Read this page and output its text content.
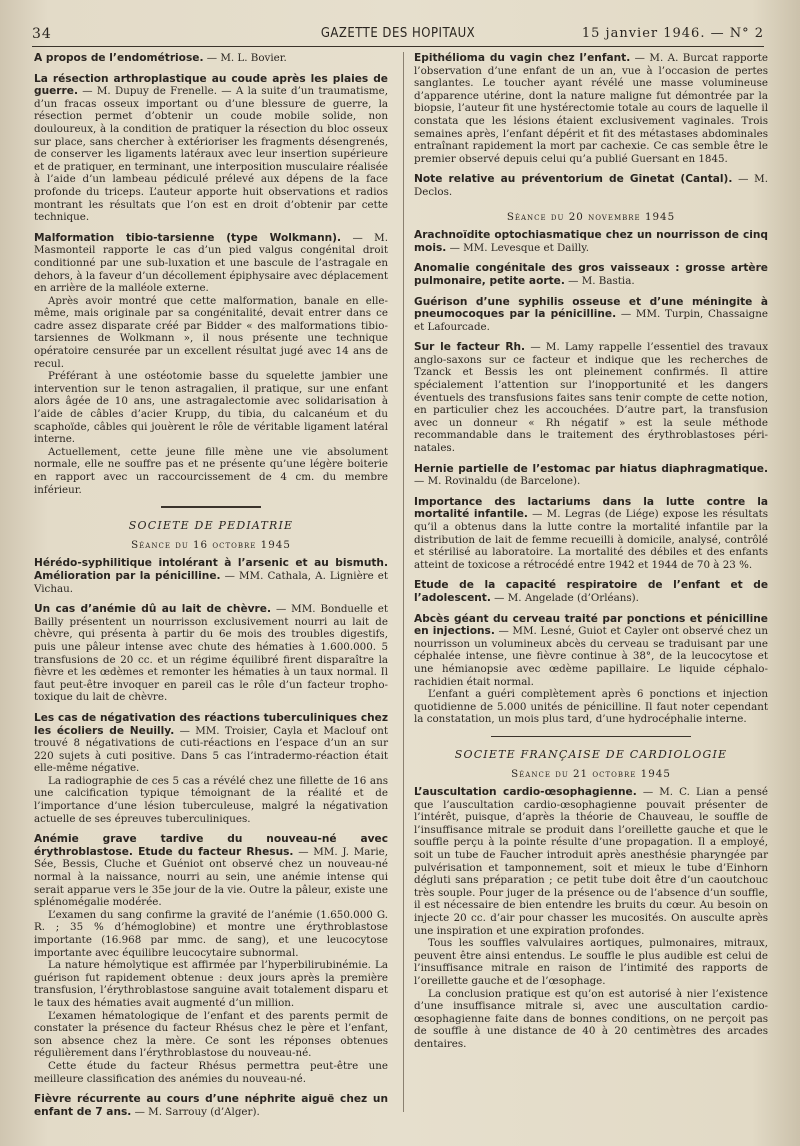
34	GAZETTE DES HOPITAUX	15 janvier 1946. — N° 2

A propos de l’endométriose. — M. L. Bovier.

La résection arthroplastique au coude après les plaies de guerre. — M. Dupuy de Frenelle. — A la suite d’un traumatisme, d’un fracas osseux important ou d’une blessure de guerre, la résection permet d’obtenir un coude mobile solide, non douloureux, à la condition de pratiquer la résection du bloc osseux sur place, sans chercher à extérioriser les fragments désengrenés, de conserver les ligaments latéraux avec leur insertion supérieure et de pratiquer, en terminant, une interposition musculaire réalisée à l’aide d’un lambeau pédiculé prélevé aux dépens de la face profonde du triceps. L’auteur apporte huit observations et radios montrant les résultats que l’on est en droit d’obtenir par cette technique.

Malformation tibio-tarsienne (type Wolkmann). — M. Masmonteil rapporte le cas d’un pied valgus congénital droit conditionné par une sub-luxation et une bascule de l’astragale en dehors, à la faveur d’un décollement épiphysaire avec déplacement en arrière de la malléole externe.

Après avoir montré que cette malformation, banale en elle-même, mais originale par sa congénitalité, devait entrer dans ce cadre assez disparate créé par Bidder « des malformations tibio-tarsiennes de Wolkmann », il nous présente une technique opératoire censurée par un excellent résultat jugé avec 14 ans de recul.

Préférant à une ostéotomie basse du squelette jambier une intervention sur le tenon astragalien, il pratique, sur une enfant alors âgée de 10 ans, une astragalectomie avec solidarisation à l’aide de câbles d’acier Krupp, du tibia, du calcanéum et du scaphoïde, câbles qui jouèrent le rôle de véritable ligament latéral interne.

Actuellement, cette jeune fille mène une vie absolument normale, elle ne souffre pas et ne présente qu’une légère boiterie en rapport avec un raccourcissement de 4 cm. du membre inférieur.

SOCIETE DE PEDIATRIE
Séance du 16 octobre 1945

Hérédo-syphilitique intolérant à l’arsenic et au bismuth. Amélioration par la pénicilline. — MM. Cathala, A. Lignière et Vichau.

Un cas d’anémie dû au lait de chèvre. — MM. Bonduelle et Bailly présentent un nourrisson exclusivement nourri au lait de chèvre, qui présenta à partir du 6e mois des troubles digestifs, puis une pâleur intense avec chute des hématies à 1.600.000. 5 transfusions de 20 cc. et un régime équilibré firent disparaître la fièvre et les œdèmes et remonter les hématies à un taux normal. Il faut peut-être invoquer en pareil cas le rôle d’un facteur tropho-toxique du lait de chèvre.

Les cas de négativation des réactions tuberculiniques chez les écoliers de Neuilly. — MM. Troisier, Cayla et Maclouf ont trouvé 8 négativations de cuti-réactions en l’espace d’un an sur 220 sujets à cuti positive. Dans 5 cas l’intradermo-réaction était elle-même négative.

La radiographie de ces 5 cas a révélé chez une fillette de 16 ans une calcification typique témoignant de la réalité et de l’importance d’une lésion tuberculeuse, malgré la négativation actuelle de ses épreuves tuberculiniques.

Anémie grave tardive du nouveau-né avec érythroblastose. Etude du facteur Rhesus. — MM. J. Marie, Sée, Bessis, Cluche et Guéniot ont observé chez un nouveau-né normal à la naissance, nourri au sein, une anémie intense qui serait apparue vers le 35e jour de la vie. Outre la pâleur, existe une splénomégalie modérée.

L’examen du sang confirme la gravité de l’anémie (1.650.000 G. R. ; 35 % d’hémoglobine) et montre une érythroblastose importante (16.968 par mmc. de sang), et une leucocytose importante avec équilibre leucocytaire subnormal.

La nature hémolytique est affirmée par l’hyperbilirubinémie. La guérison fut rapidement obtenue : deux jours après la première transfusion, l’érythroblastose sanguine avait totalement disparu et le taux des hématies avait augmenté d’un million.

L’examen hématologique de l’enfant et des parents permit de constater la présence du facteur Rhésus chez le père et l’enfant, son absence chez la mère. Ce sont les réponses obtenues régulièrement dans l’érythroblastose du nouveau-né.

Cette étude du facteur Rhésus permettra peut-être une meilleure classification des anémies du nouveau-né.

Fièvre récurrente au cours d’une néphrite aiguë chez un enfant de 7 ans. — M. Sarrouy (d’Alger).

Epithélioma du vagin chez l’enfant. — M. A. Burcat rapporte l’observation d’une enfant de un an, vue à l’occasion de pertes sanglantes. Le toucher ayant révélé une masse volumineuse d’apparence utérine, dont la nature maligne fut démontrée par la biopsie, l’auteur fit une hystérectomie totale au cours de laquelle il constata que les lésions étaient exclusivement vaginales. Trois semaines après, l’enfant dépérit et fit des métastases abdominales entraînant rapidement la mort par cachexie. Ce cas semble être le premier observé depuis celui qu’a publié Guersant en 1845.

Note relative au préventorium de Ginetat (Cantal). — M. Declos.

Séance du 20 novembre 1945

Arachnoïdite optochiasmatique chez un nourrisson de cinq mois. — MM. Levesque et Dailly.

Anomalie congénitale des gros vaisseaux : grosse artère pulmonaire, petite aorte. — M. Bastia.

Guérison d’une syphilis osseuse et d’une méningite à pneumocoques par la pénicilline. — MM. Turpin, Chassaigne et Lafourcade.

Sur le facteur Rh. — M. Lamy rappelle l’essentiel des travaux anglo-saxons sur ce facteur et indique que les recherches de Tzanck et Bessis les ont pleinement confirmés. Il attire spécialement l’attention sur l’inopportunité et les dangers éventuels des transfusions faites sans tenir compte de cette notion, en particulier chez les accouchées. D’autre part, la transfusion avec un donneur « Rh négatif » est la seule méthode recommandable dans le traitement des érythroblastoses péri-natales.

Hernie partielle de l’estomac par hiatus diaphragmatique. — M. Rovinaldu (de Barcelone).

Importance des lactariums dans la lutte contre la mortalité infantile. — M. Legras (de Liége) expose les résultats qu’il a obtenus dans la lutte contre la mortalité infantile par la distribution de lait de femme recueilli à domicile, analysé, contrôlé et stérilisé au laboratoire. La mortalité des débiles et des enfants atteint de toxicose a rétrocédé entre 1942 et 1944 de 70 à 23 %.

Etude de la capacité respiratoire de l’enfant et de l’adolescent. — M. Angelade (d’Orléans).

Abcès géant du cerveau traité par ponctions et pénicilline en injections. — MM. Lesné, Guiot et Cayler ont observé chez un nourrisson un volumineux abcès du cerveau se traduisant par une céphalée intense, une fièvre continue à 38°, de la leucocytose et une hémianopsie avec œdème papillaire. Le liquide céphalo-rachidien était normal.

L’enfant a guéri complètement après 6 ponctions et injection quotidienne de 5.000 unités de pénicilline. Il faut noter cependant la constatation, un mois plus tard, d’une hydrocéphalie interne.

SOCIETE FRANÇAISE DE CARDIOLOGIE
Séance du 21 octobre 1945

L’auscultation cardio-œsophagienne. — M. C. Lian a pensé que l’auscultation cardio-œsophagienne pouvait présenter de l’intérêt, puisque, d’après la théorie de Chauveau, le souffle de l’insuffisance mitrale se produit dans l’oreillette gauche et que le souffle perçu à la pointe résulte d’une propagation. Il a employé, soit un tube de Faucher introduit après anesthésie pharyngée par pulvérisation et tamponnement, soit et mieux le tube d’Einhorn dégluti sans préparation ; ce petit tube doit être d’un caoutchouc très souple. Pour juger de la présence ou de l’absence d’un souffle, il est nécessaire de bien entendre les bruits du cœur. Au besoin on injecte 20 cc. d’air pour chasser les mucosités. On ausculte après une inspiration et une expiration profondes.

Tous les souffles valvulaires aortiques, pulmonaires, mitraux, peuvent être ainsi entendus. Le souffle le plus audible est celui de l’insuffisance mitrale en raison de l’intimité des rapports de l’oreillette gauche et de l’œsophage.

La conclusion pratique est qu’on est autorisé à nier l’existence d’une insuffisance mitrale si, avec une auscultation cardio-œsophagienne faite dans de bonnes conditions, on ne perçoit pas de souffle à une distance de 40 à 20 centimètres des arcades dentaires.
